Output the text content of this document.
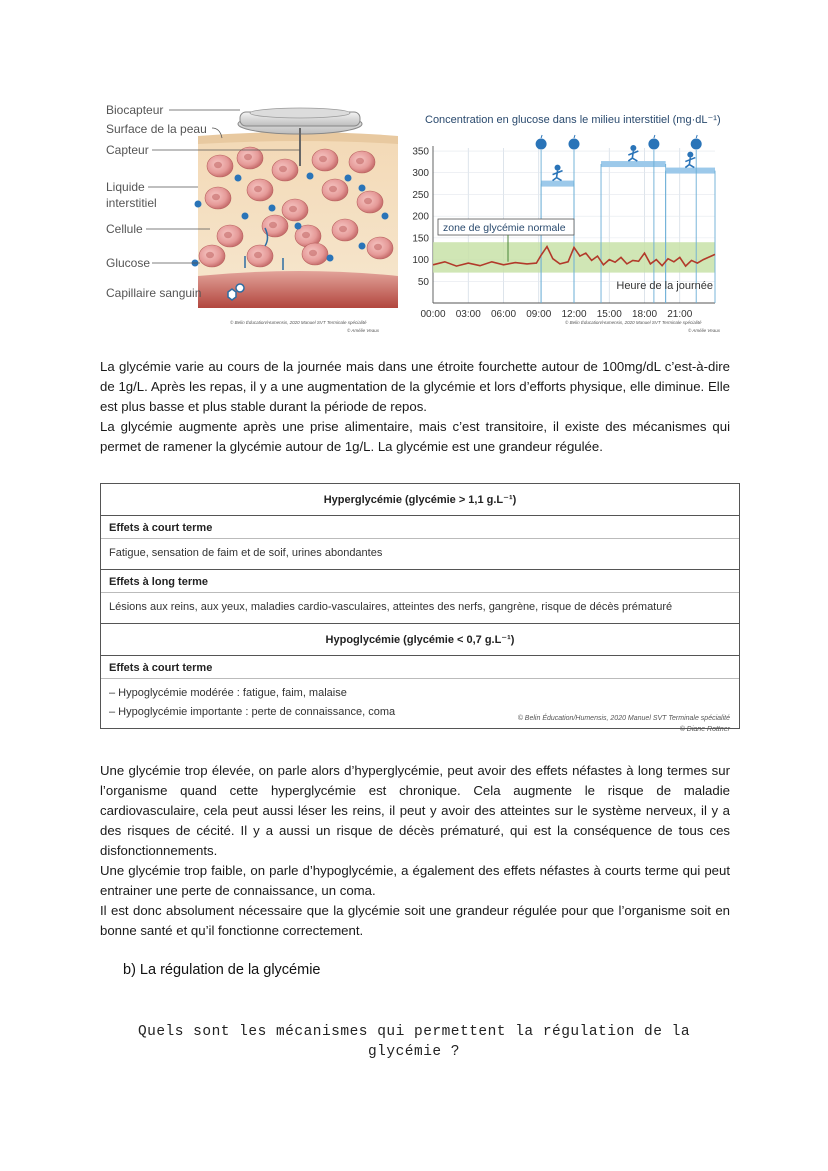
Biocapteur
Surface de la peau
Capteur
Liquide
interstitiel
Cellule
Glucose
Capillaire sanguin
© Belin Éducation/Humensis, 2020 Manuel SVT Terminale spécialité
© Amélie Veaux
Concentration en glucose dans le milieu interstitiel (mg·dL⁻¹)
zone de glycémie normale
50
100
150
200
250
300
350
00:00 03:00 06:00 09:00 12:00 15:00 18:00 21:00
Heure de la journée
© Belin Éducation/Humensis, 2020 Manuel SVT Terminale spécialité
© Amélie Veaux

La glycémie varie au cours de la journée mais dans une étroite fourchette autour de 100mg/dL c’est-à-dire de 1g/L. Après les repas, il y a une augmentation de la glycémie et lors d’efforts physique, elle diminue. Elle est plus basse et plus stable durant la période de repos.

La glycémie augmente après une prise alimentaire, mais c’est transitoire, il existe des mécanismes qui permet de ramener la glycémie autour de 1g/L. La glycémie est une grandeur régulée.

Hyperglycémie (glycémie > 1,1 g.L⁻¹)
Effets à court terme
Fatigue, sensation de faim et de soif, urines abondantes
Effets à long terme
Lésions aux reins, aux yeux, maladies cardio-vasculaires, atteintes des nerfs, gangrène, risque de décès prématuré
Hypoglycémie (glycémie < 0,7 g.L⁻¹)
Effets à court terme
– Hypoglycémie modérée : fatigue, faim, malaise
– Hypoglycémie importante : perte de connaissance, coma
© Belin Éducation/Humensis, 2020 Manuel SVT Terminale spécialité
© Diane Rottner

Une glycémie trop élevée, on parle alors d’hyperglycémie, peut avoir des effets néfastes à long termes sur l’organisme quand cette hyperglycémie est chronique. Cela augmente le risque de maladie cardiovasculaire, cela peut aussi léser les reins, il peut y avoir des atteintes sur le système nerveux, il y a des risques de cécité. Il y a aussi un risque de décès prématuré, qui est la conséquence de tous ces disfonctionnements.

Une glycémie trop faible, on parle d’hypoglycémie, a également des effets néfastes à courts terme qui peut entrainer une perte de connaissance, un coma.

Il est donc absolument nécessaire que la glycémie soit une grandeur régulée pour que l’organisme soit en bonne santé et qu’il fonctionne correctement.

b) La régulation de la glycémie
Quels sont les mécanismes qui permettent la régulation de la
glycémie ?
